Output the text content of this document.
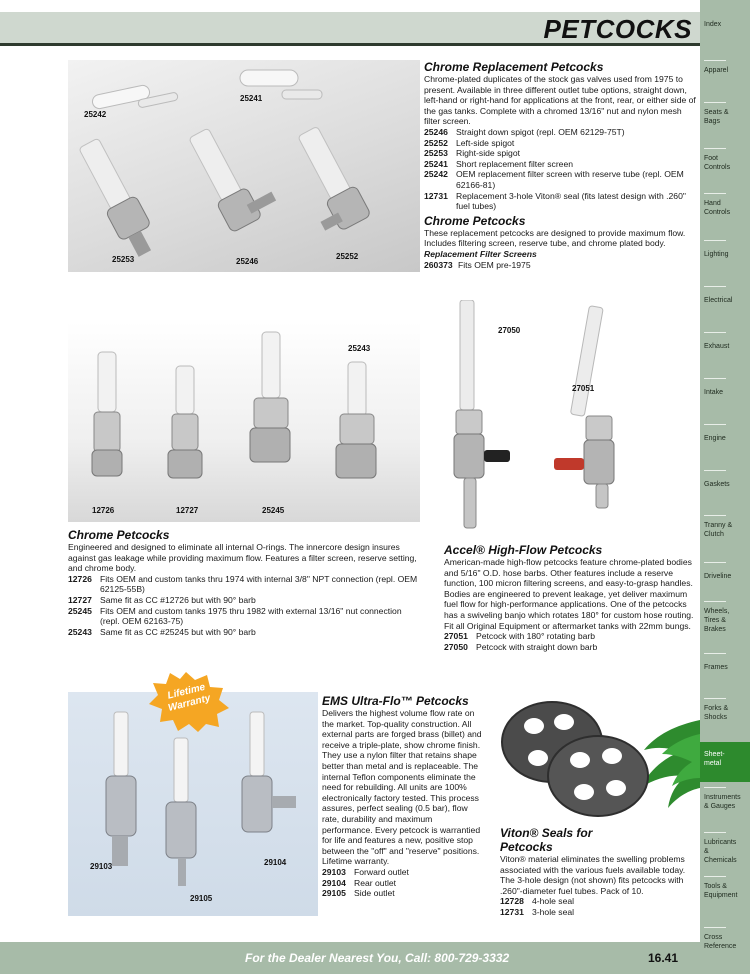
PETCOCKS	Index
Apparel
Seats & Bags
Foot Controls
Hand Controls
Lighting
Electrical
Exhaust
Intake
Engine
Gaskets
Tranny & Clutch
Driveline
Wheels, Tires & Brakes
Frames
Forks & Shocks
Sheet- metal
Instruments & Gauges
Lubricants & Chemicals
Tools & Equipment
Cross Reference
25242
25241
25253	25246
25252
Chrome Replacement Petcocks
Chrome-plated duplicates of the stock gas valves used from 1975 to present. Available in three different outlet tube options, straight down, left-hand or right-hand for applications at the front, rear, or either side of the gas tanks. Complete with a chromed 13/16" nut and nylon mesh filter screen.
25246 Straight down spigot (repl. OEM 62129-75T)
25252 Left-side spigot
25253 Right-side spigot
25241 Short replacement filter screen
25242 OEM replacement filter screen with reserve tube (repl. OEM 62166-81)
12731 Replacement 3-hole Viton® seal (fits latest design with .260" fuel tubes)
Chrome Petcocks
These replacement petcocks are designed to provide maximum flow. Includes filtering screen, reserve tube, and chrome plated body.
Replacement Filter Screens
260373 Fits OEM pre-1975
25243
12726	12727	25245
Chrome Petcocks
Engineered and designed to eliminate all internal O-rings. The innercore design insures against gas leakage while providing maximum flow. Features a filter screen, reserve setting, and chrome body.
12726 Fits OEM and custom tanks thru 1974 with internal 3/8" NPT connection (repl. OEM 62125-55B)
12727 Same fit as CC #12726 but with 90° barb
25245 Fits OEM and custom tanks 1975 thru 1982 with external 13/16" nut connection (repl. OEM 62163-75)
25243 Same fit as CC #25245 but with 90° barb
27050
27051
Accel® High-Flow Petcocks
American-made high-flow petcocks feature chrome-plated bodies and 5/16" O.D. hose barbs. Other features include a reserve function, 100 micron filtering screens, and easy-to-grasp handles. Bodies are engineered to prevent leakage, yet deliver maximum fuel flow for high-performance applications. One of the petcocks has a swiveling banjo which rotates 180° for custom hose routing. Fit all Original Equipment or aftermarket tanks with 22mm bungs.
27051 Petcock with 180° rotating barb
27050 Petcock with straight down barb
29103	29104
29105
Lifetime Warranty	EMS Ultra-Flo™ Petcocks
Delivers the highest volume flow rate on the market. Top-quality construction. All external parts are forged brass (billet) and receive a triple-plate, show chrome finish. They use a nylon filter that retains shape better than metal and is replaceable. The internal Teflon components eliminate the need for rebuilding. All units are 100% electronically factory tested. This process assures, perfect sealing (0.5 bar), flow rate, durability and maximum performance. Every petcock is warrantied for life and features a new, positive stop between the "off" and "reserve" positions. Lifetime warranty.
29103 Forward outlet
29104 Rear outlet
29105 Side outlet
Viton® Seals for Petcocks
Viton® material eliminates the swelling problems associated with the various fuels available today. The 3-hole design (not shown) fits petcocks with .260"-diameter fuel tubes. Pack of 10.
12728 4-hole seal
12731 3-hole seal
For the Dealer Nearest You, Call: 800-729-3332	16.41
